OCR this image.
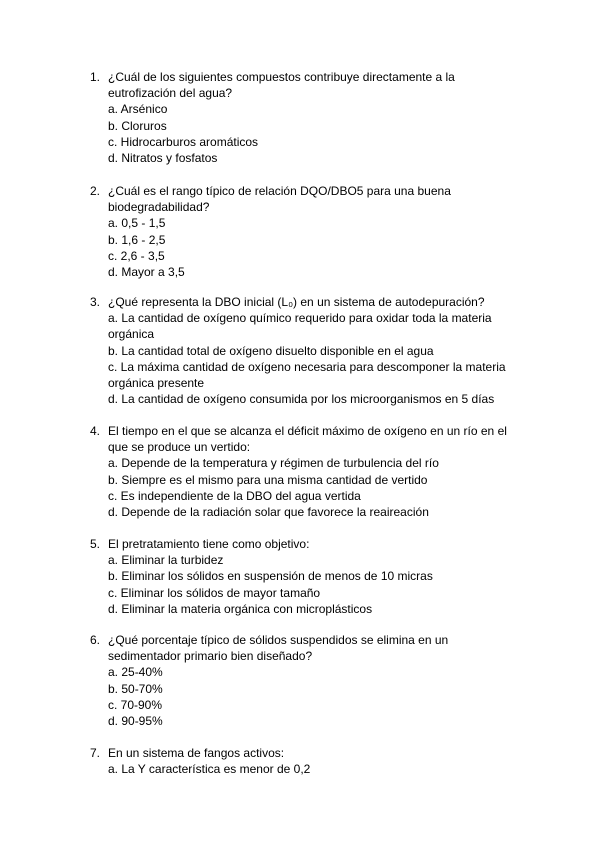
1. ¿Cuál de los siguientes compuestos contribuye directamente a la eutrofización del agua?
a. Arsénico
b. Cloruros
c. Hidrocarburos aromáticos
d. Nitratos y fosfatos
2. ¿Cuál es el rango típico de relación DQO/DBO5 para una buena biodegradabilidad?
a. 0,5 - 1,5
b. 1,6 - 2,5
c. 2,6 - 3,5
d. Mayor a 3,5
3. ¿Qué representa la DBO inicial (L₀) en un sistema de autodepuración?
a. La cantidad de oxígeno químico requerido para oxidar toda la materia orgánica
b. La cantidad total de oxígeno disuelto disponible en el agua
c. La máxima cantidad de oxígeno necesaria para descomponer la materia orgánica presente
d. La cantidad de oxígeno consumida por los microorganismos en 5 días
4. El tiempo en el que se alcanza el déficit máximo de oxígeno en un río en el que se produce un vertido:
a. Depende de la temperatura y régimen de turbulencia del río
b. Siempre es el mismo para una misma cantidad de vertido
c. Es independiente de la DBO del agua vertida
d. Depende de la radiación solar que favorece la reaireación
5. El pretratamiento tiene como objetivo:
a. Eliminar la turbidez
b. Eliminar los sólidos en suspensión de menos de 10 micras
c. Eliminar los sólidos de mayor tamaño
d. Eliminar la materia orgánica con microplásticos
6. ¿Qué porcentaje típico de sólidos suspendidos se elimina en un sedimentador primario bien diseñado?
a. 25-40%
b. 50-70%
c. 70-90%
d. 90-95%
7. En un sistema de fangos activos:
a. La Y característica es menor de 0,2
